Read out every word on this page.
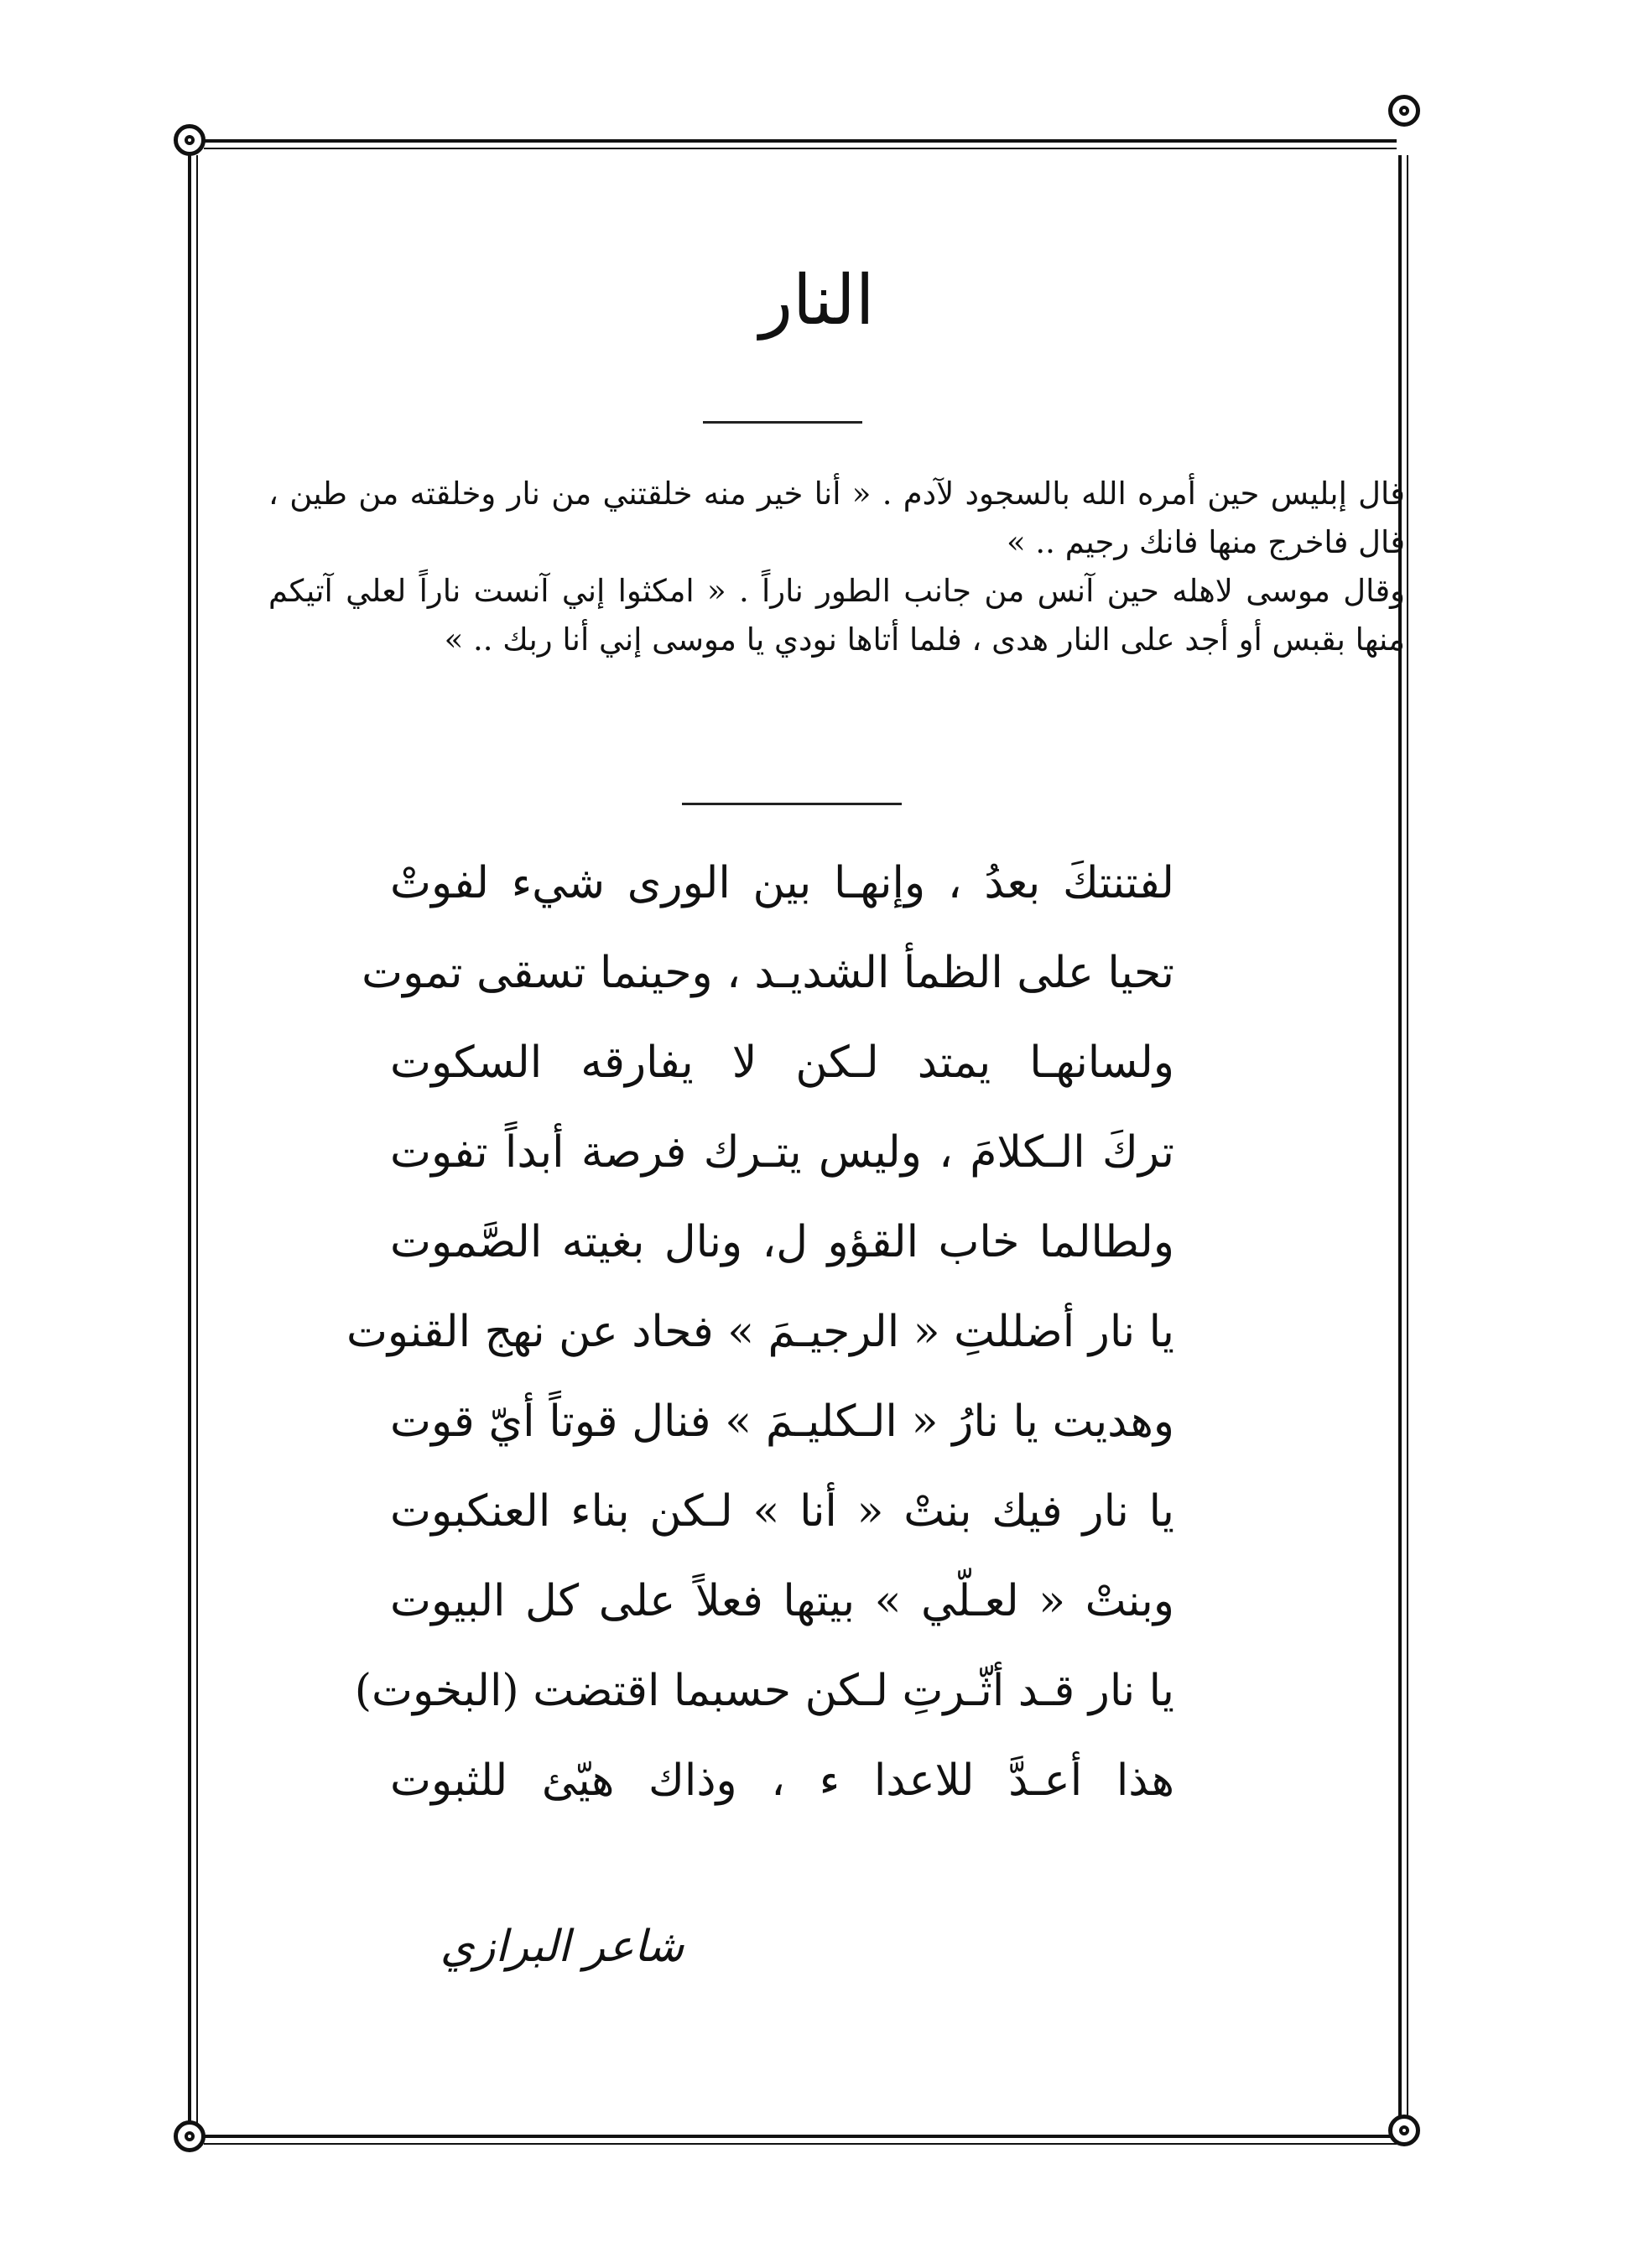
النار

قال إبليس حين أمره الله بالسجود لآدم . « أنا خير منه خلقتني من نار وخلقته من طين ، قال فاخرج منها فانك رجيم .. »

وقال موسى لاهله حين آنس من جانب الطور ناراً . « امكثوا إني آنست ناراً لعلي آتيكم منها بقبس أو أجد على النار هدى ، فلما أتاها نودي يا موسى إني أنا ربك .. »

لفتنتكَ بعدُ ، وإنهـا بين الورى شيء لفوتْ
تحيا على الظمأ الشديـد ، وحينما تسقى تموت
ولسانهـا يمتد لـكن لا يفارقه السكوت
تركَ الـكلامَ ، وليس يتـرك فرصة أبداً تفوت
ولطالما خاب القؤو ل، ونال بغيته الصَّموت
يا نار أضللتِ « الرجيـمَ » فحاد عن نهج القنوت
وهديت يا نارُ « الـكليـمَ » فنال قوتاً أيّ قوت
يا نار فيك بنتْ « أنا » لـكن بناء العنكبوت
وبنتْ « لعـلّي » بيتها فعلاً على كل البيوت
يا نار قـد أثّـرتِ لـكن حسبما اقتضت (البخوت)
هذا أعـدَّ للاعدا ء ، وذاك هيّئ للثبوت
شاعر البرازي
